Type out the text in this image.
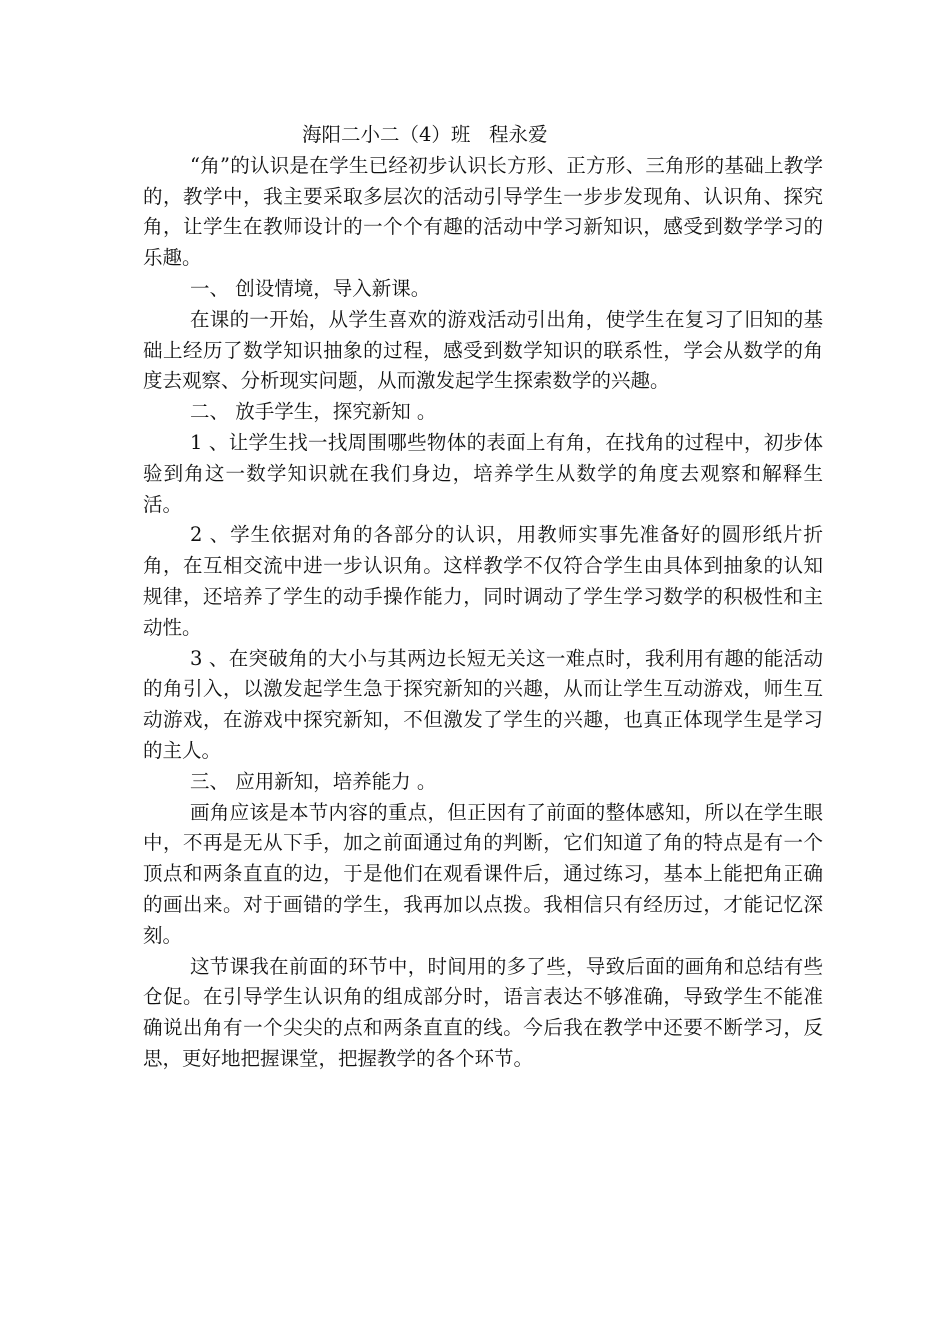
海阳二小二（4）班   程永爱

“角”的认识是在学生已经初步认识长方形、正方形、三角形的基础上教学的，教学中，我主要采取多层次的活动引导学生一步步发现角、认识角、探究角，让学生在教师设计的一个个有趣的活动中学习新知识，感受到数学学习的乐趣。

一、 创设情境，导入新课。

在课的一开始，从学生喜欢的游戏活动引出角，使学生在复习了旧知的基础上经历了数学知识抽象的过程，感受到数学知识的联系性，学会从数学的角度去观察、分析现实问题，从而激发起学生探索数学的兴趣。

二、 放手学生，探究新知 。

1 、让学生找一找周围哪些物体的表面上有角，在找角的过程中，初步体验到角这一数学知识就在我们身边，培养学生从数学的角度去观察和解释生活。

2 、学生依据对角的各部分的认识，用教师实事先准备好的圆形纸片折角，在互相交流中进一步认识角。这样教学不仅符合学生由具体到抽象的认知规律，还培养了学生的动手操作能力，同时调动了学生学习数学的积极性和主动性。

3 、在突破角的大小与其两边长短无关这一难点时，我利用有趣的能活动的角引入，以激发起学生急于探究新知的兴趣，从而让学生互动游戏，师生互动游戏，在游戏中探究新知，不但激发了学生的兴趣，也真正体现学生是学习的主人。

三、 应用新知，培养能力 。

画角应该是本节内容的重点，但正因有了前面的整体感知，所以在学生眼中，不再是无从下手，加之前面通过角的判断，它们知道了角的特点是有一个顶点和两条直直的边，于是他们在观看课件后，通过练习，基本上能把角正确的画出来。对于画错的学生，我再加以点拨。我相信只有经历过，才能记忆深刻。

这节课我在前面的环节中，时间用的多了些，导致后面的画角和总结有些仓促。在引导学生认识角的组成部分时，语言表达不够准确，导致学生不能准确说出角有一个尖尖的点和两条直直的线。今后我在教学中还要不断学习，反思，更好地把握课堂，把握教学的各个环节。
